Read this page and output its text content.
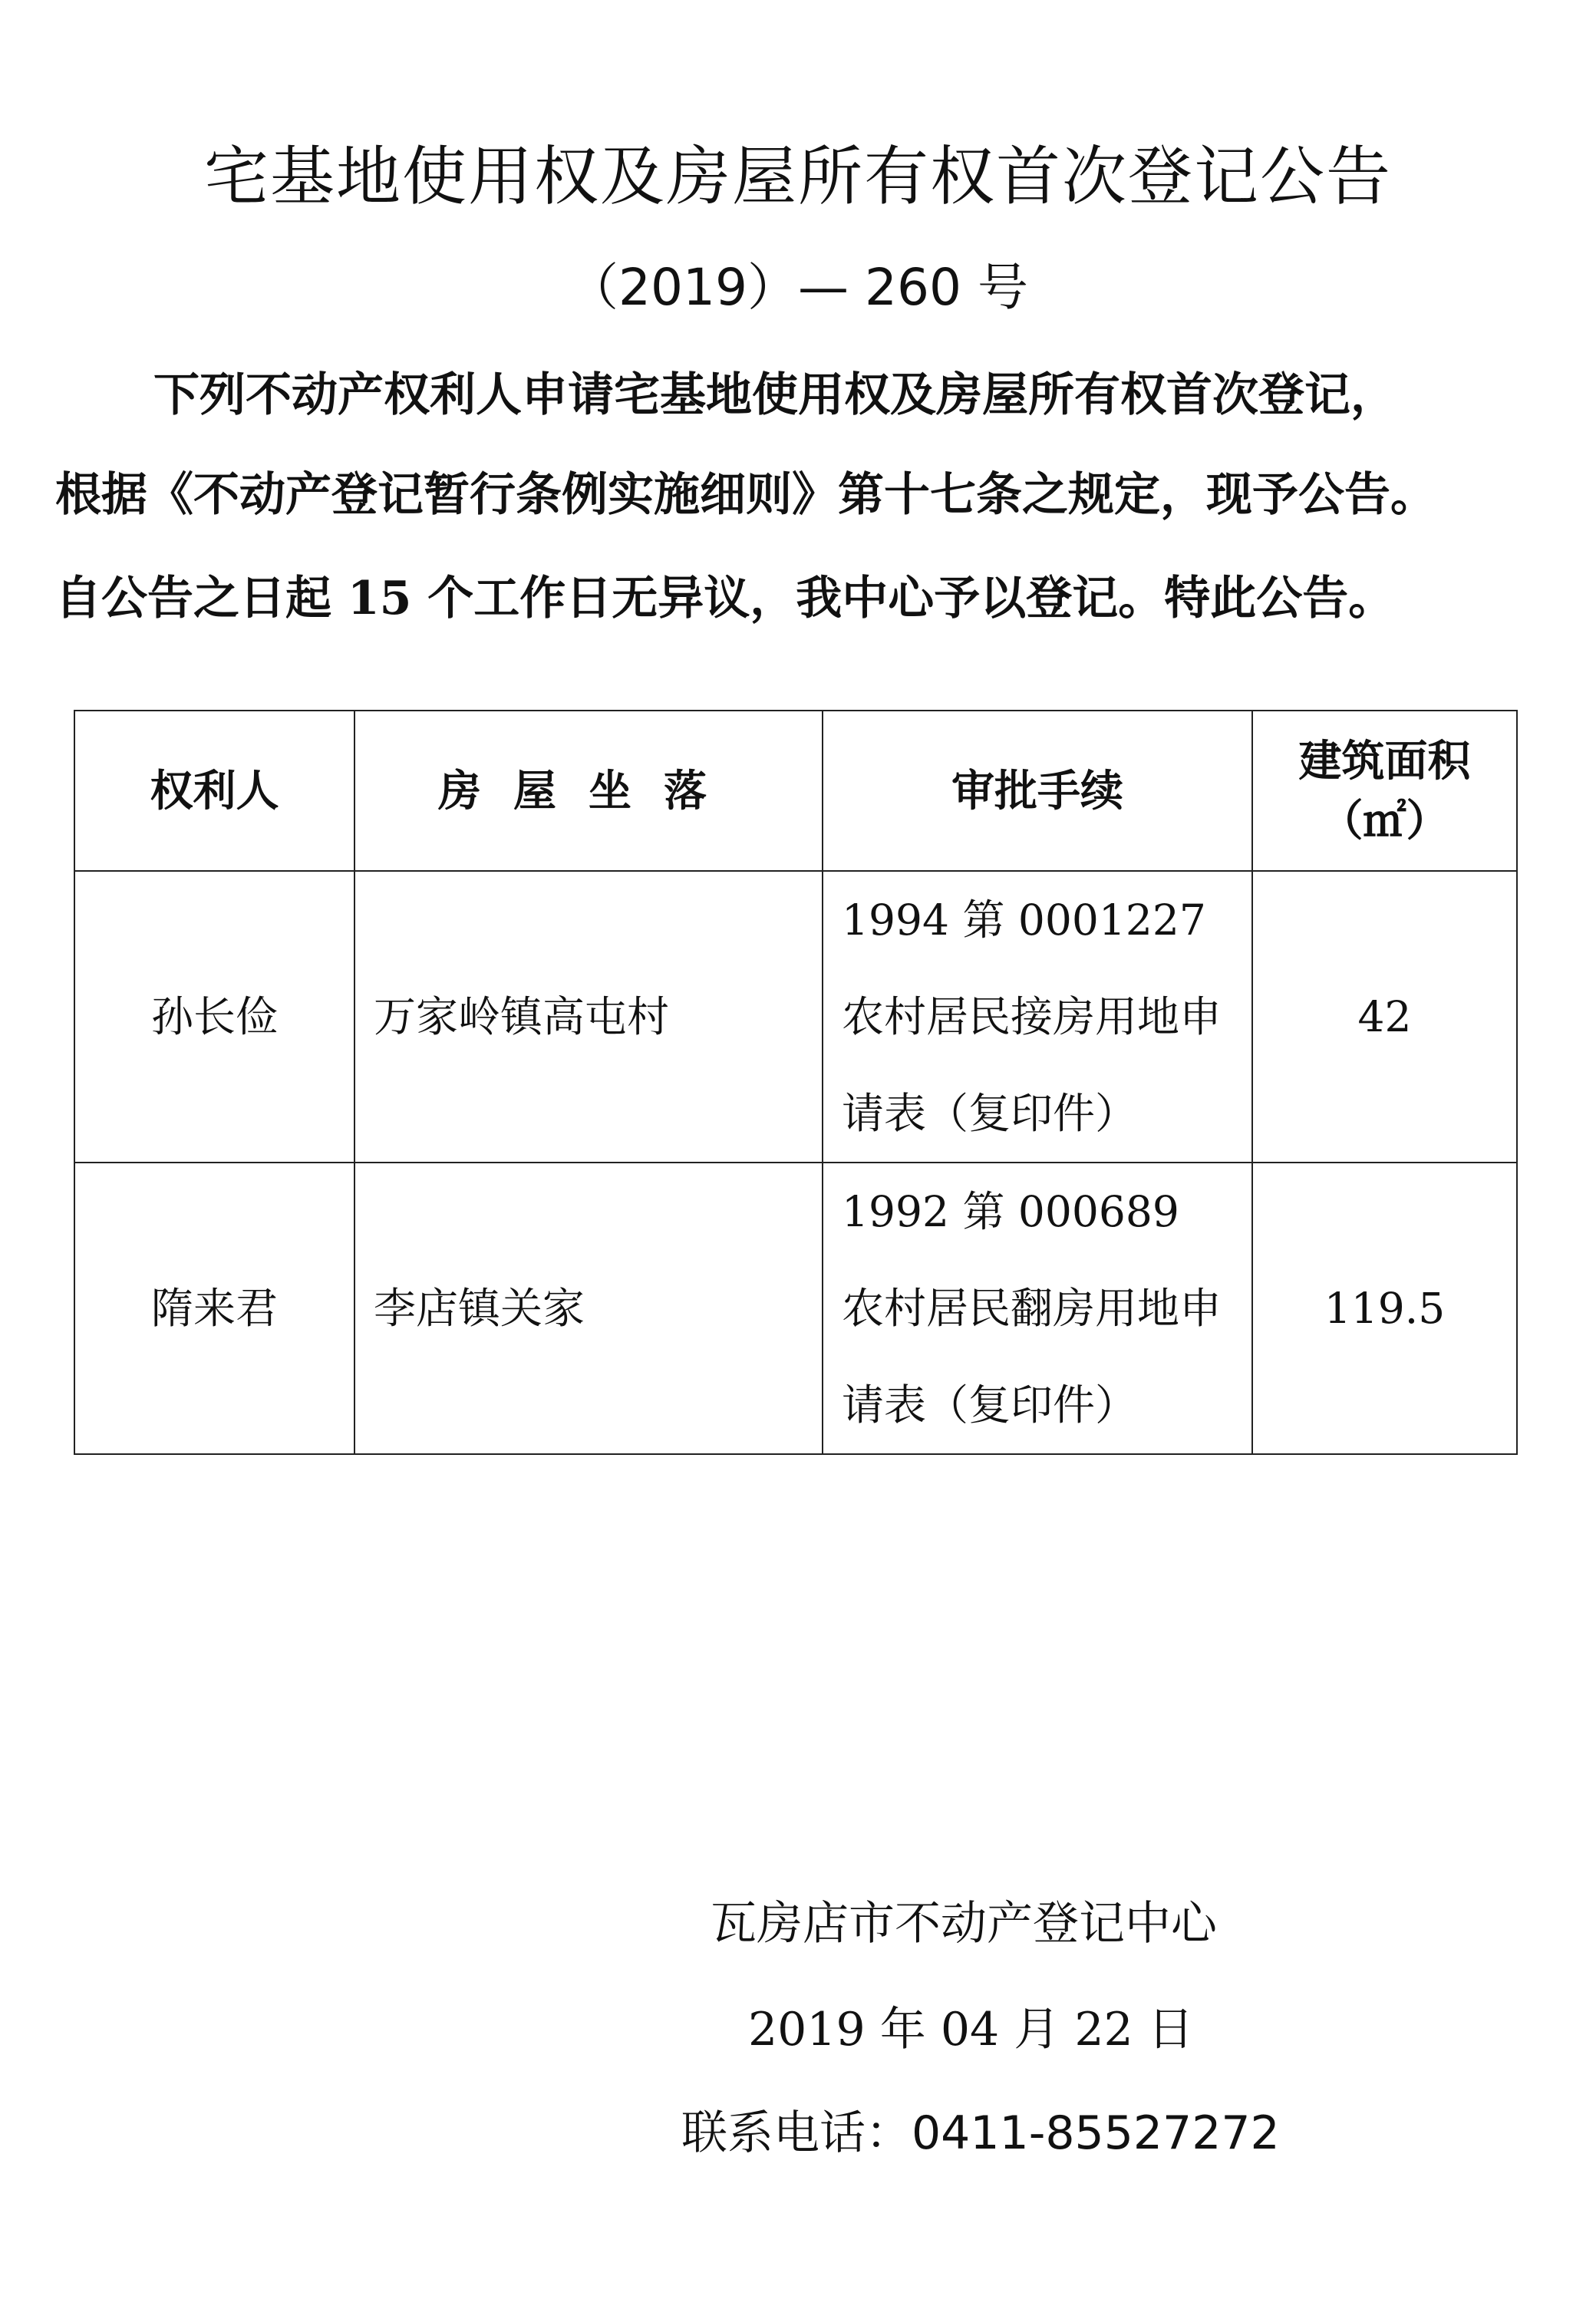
宅基地使用权及房屋所有权首次登记公告
（2019）— 260 号
下列不动产权利人申请宅基地使用权及房屋所有权首次登记，
根据《不动产登记暂行条例实施细则》第十七条之规定，现予公告。
自公告之日起 15 个工作日无异议，我中心予以登记。特此公告。
权利人	房屋坐落	审批手续	建筑面积
（㎡）

孙长俭	万家岭镇高屯村	1994 第 0001227 农村居民接房用地申请表（复印件）	42
隋来君	李店镇关家	1992 第 000689 农村居民翻房用地申请表（复印件）	119.5
瓦房店市不动产登记中心
2019 年 04 月 22 日
联系电话：0411-85527272
